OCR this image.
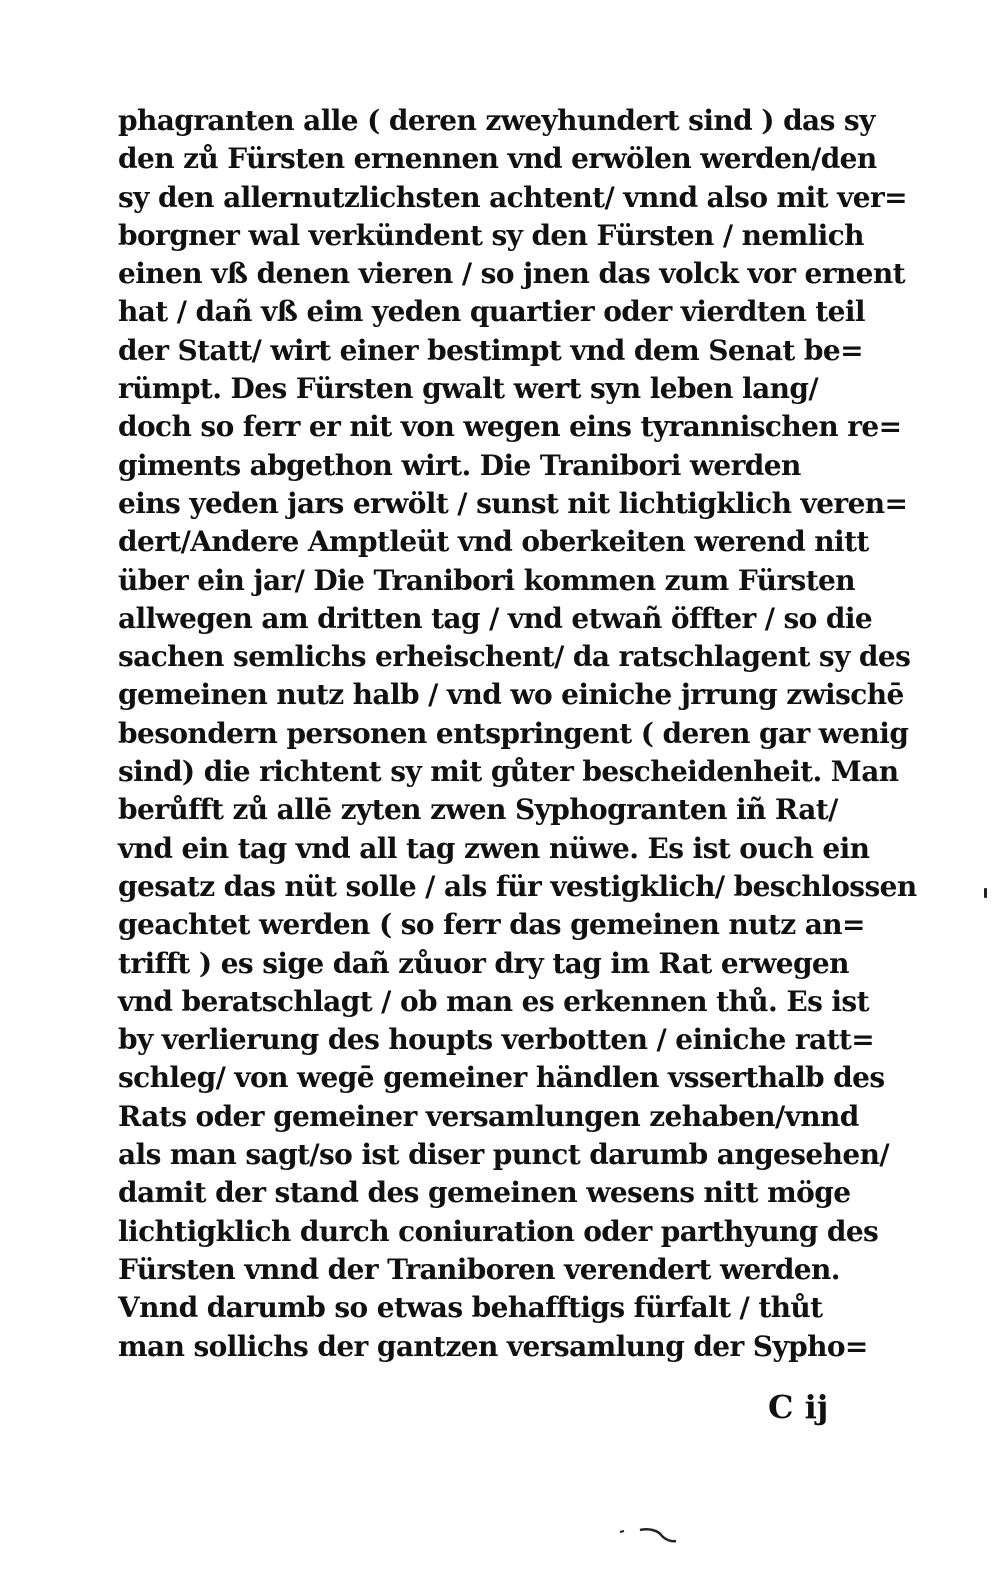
phagranten alle ( deren zweyhundert sind ) das sy
den zů Fürsten ernennen vnd erwölen werden/den
sy den allernutzlichsten achtent/ vnnd also mit ver=
borgner wal verkündent sy den Fürsten / nemlich
einen vß denen vieren / so jnen das volck vor ernent
hat / dañ vß eim yeden quartier oder vierdten teil
der Statt/ wirt einer bestimpt vnd dem Senat be=
rümpt. Des Fürsten gwalt wert syn leben lang/
doch so ferr er nit von wegen eins tyrannischen re=
giments abgethon wirt. Die Tranibori werden
eins yeden jars erwölt / sunst nit lichtigklich veren=
dert/Andere Amptleüt vnd oberkeiten werend nitt
über ein jar/ Die Tranibori kommen zum Fürsten
allwegen am dritten tag / vnd etwañ öffter / so die
sachen semlichs erheischent/ da ratschlagent sy des
gemeinen nutz halb / vnd wo einiche jrrung zwischē
besondern personen entspringent ( deren gar wenig
sind) die richtent sy mit gůter bescheidenheit. Man
berůfft zů allē zyten zwen Syphogranten iñ Rat/
vnd ein tag vnd all tag zwen nüwe. Es ist ouch ein
gesatz das nüt solle / als für vestigklich/ beschlossen
geachtet werden ( so ferr das gemeinen nutz an=
trifft ) es sige dañ zůuor dry tag im Rat erwegen
vnd beratschlagt / ob man es erkennen thů. Es ist
by verlierung des houpts verbotten / einiche ratt=
schleg/ von wegē gemeiner händlen vsserthalb des
Rats oder gemeiner versamlungen zehaben/vnnd
als man sagt/so ist diser punct darumb angesehen/
damit der stand des gemeinen wesens nitt möge
lichtigklich durch coniuration oder parthyung des
Fürsten vnnd der Traniboren verendert werden.
Vnnd darumb so etwas behafftigs fürfalt / thůt
man sollichs der gantzen versamlung der Sypho=
C ij
